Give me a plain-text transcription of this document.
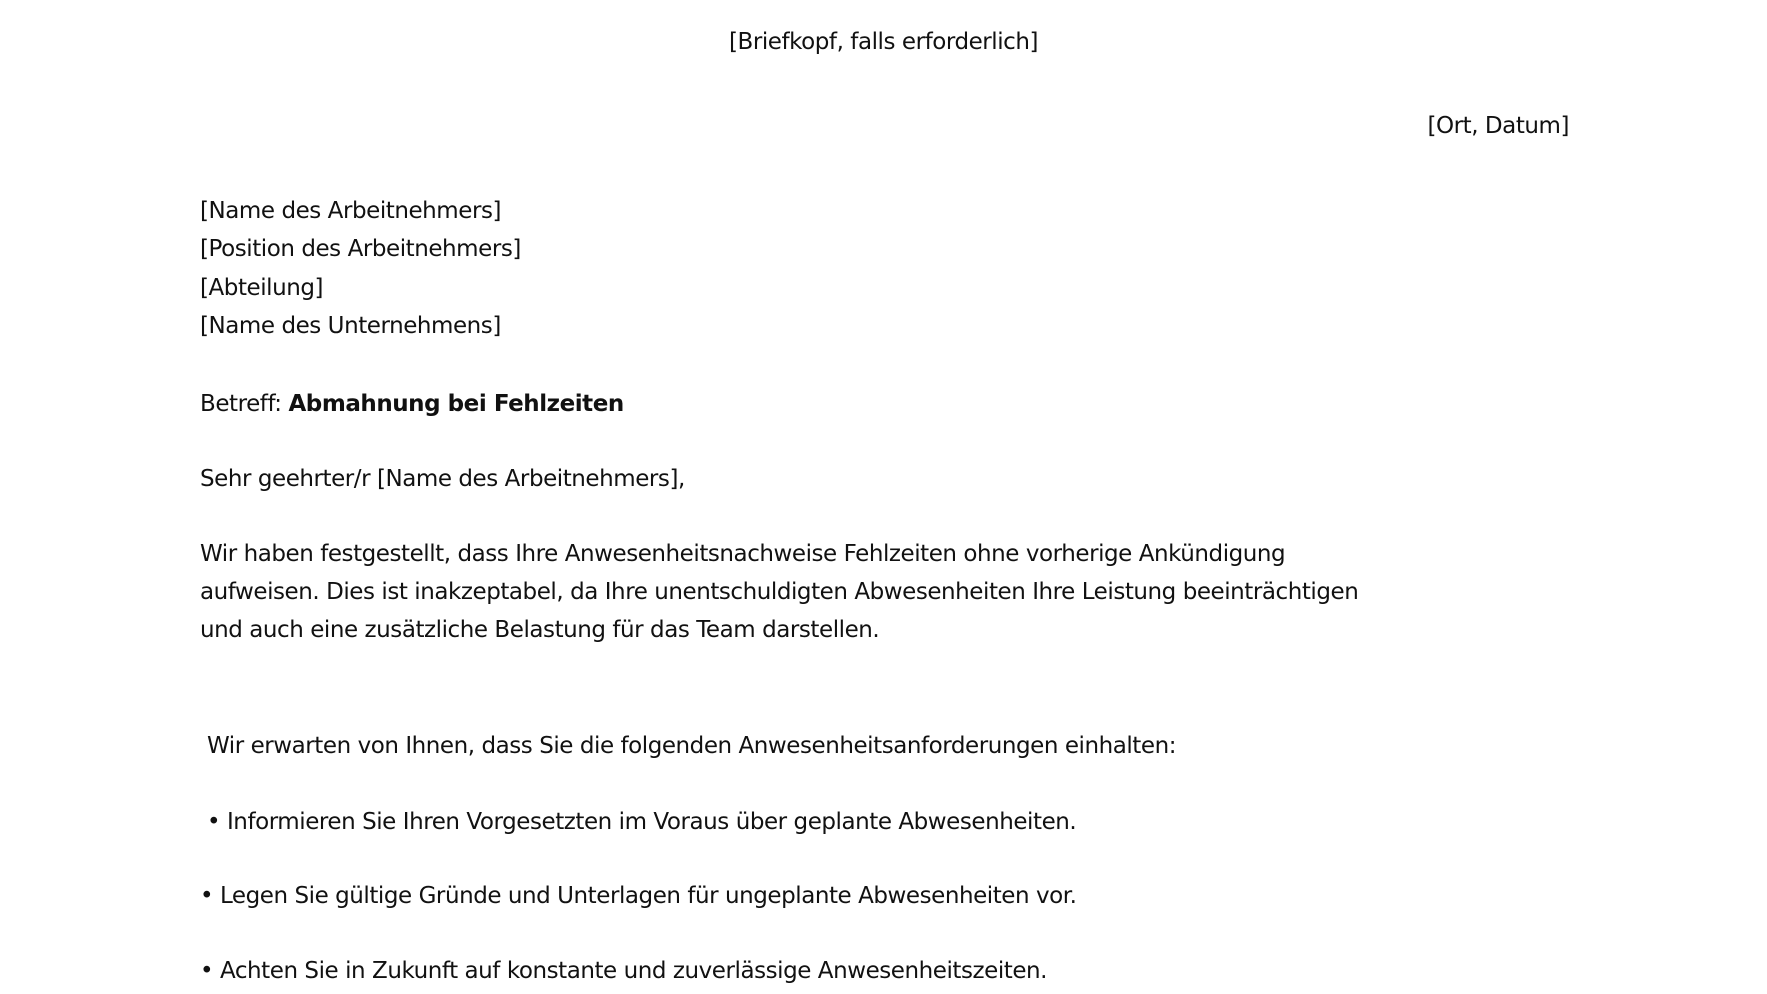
[Briefkopf, falls erforderlich]
[Ort, Datum]
[Name des Arbeitnehmers]
[Position des Arbeitnehmers]
[Abteilung]
[Name des Unternehmens]
Betreff: Abmahnung bei Fehlzeiten
Sehr geehrter/r [Name des Arbeitnehmers],
Wir haben festgestellt, dass Ihre Anwesenheitsnachweise Fehlzeiten ohne vorherige Ankündigung
aufweisen. Dies ist inakzeptabel, da Ihre unentschuldigten Abwesenheiten Ihre Leistung beeinträchtigen
und auch eine zusätzliche Belastung für das Team darstellen.
Wir erwarten von Ihnen, dass Sie die folgenden Anwesenheitsanforderungen einhalten:
• Informieren Sie Ihren Vorgesetzten im Voraus über geplante Abwesenheiten.
• Legen Sie gültige Gründe und Unterlagen für ungeplante Abwesenheiten vor.
• Achten Sie in Zukunft auf konstante und zuverlässige Anwesenheitszeiten.
